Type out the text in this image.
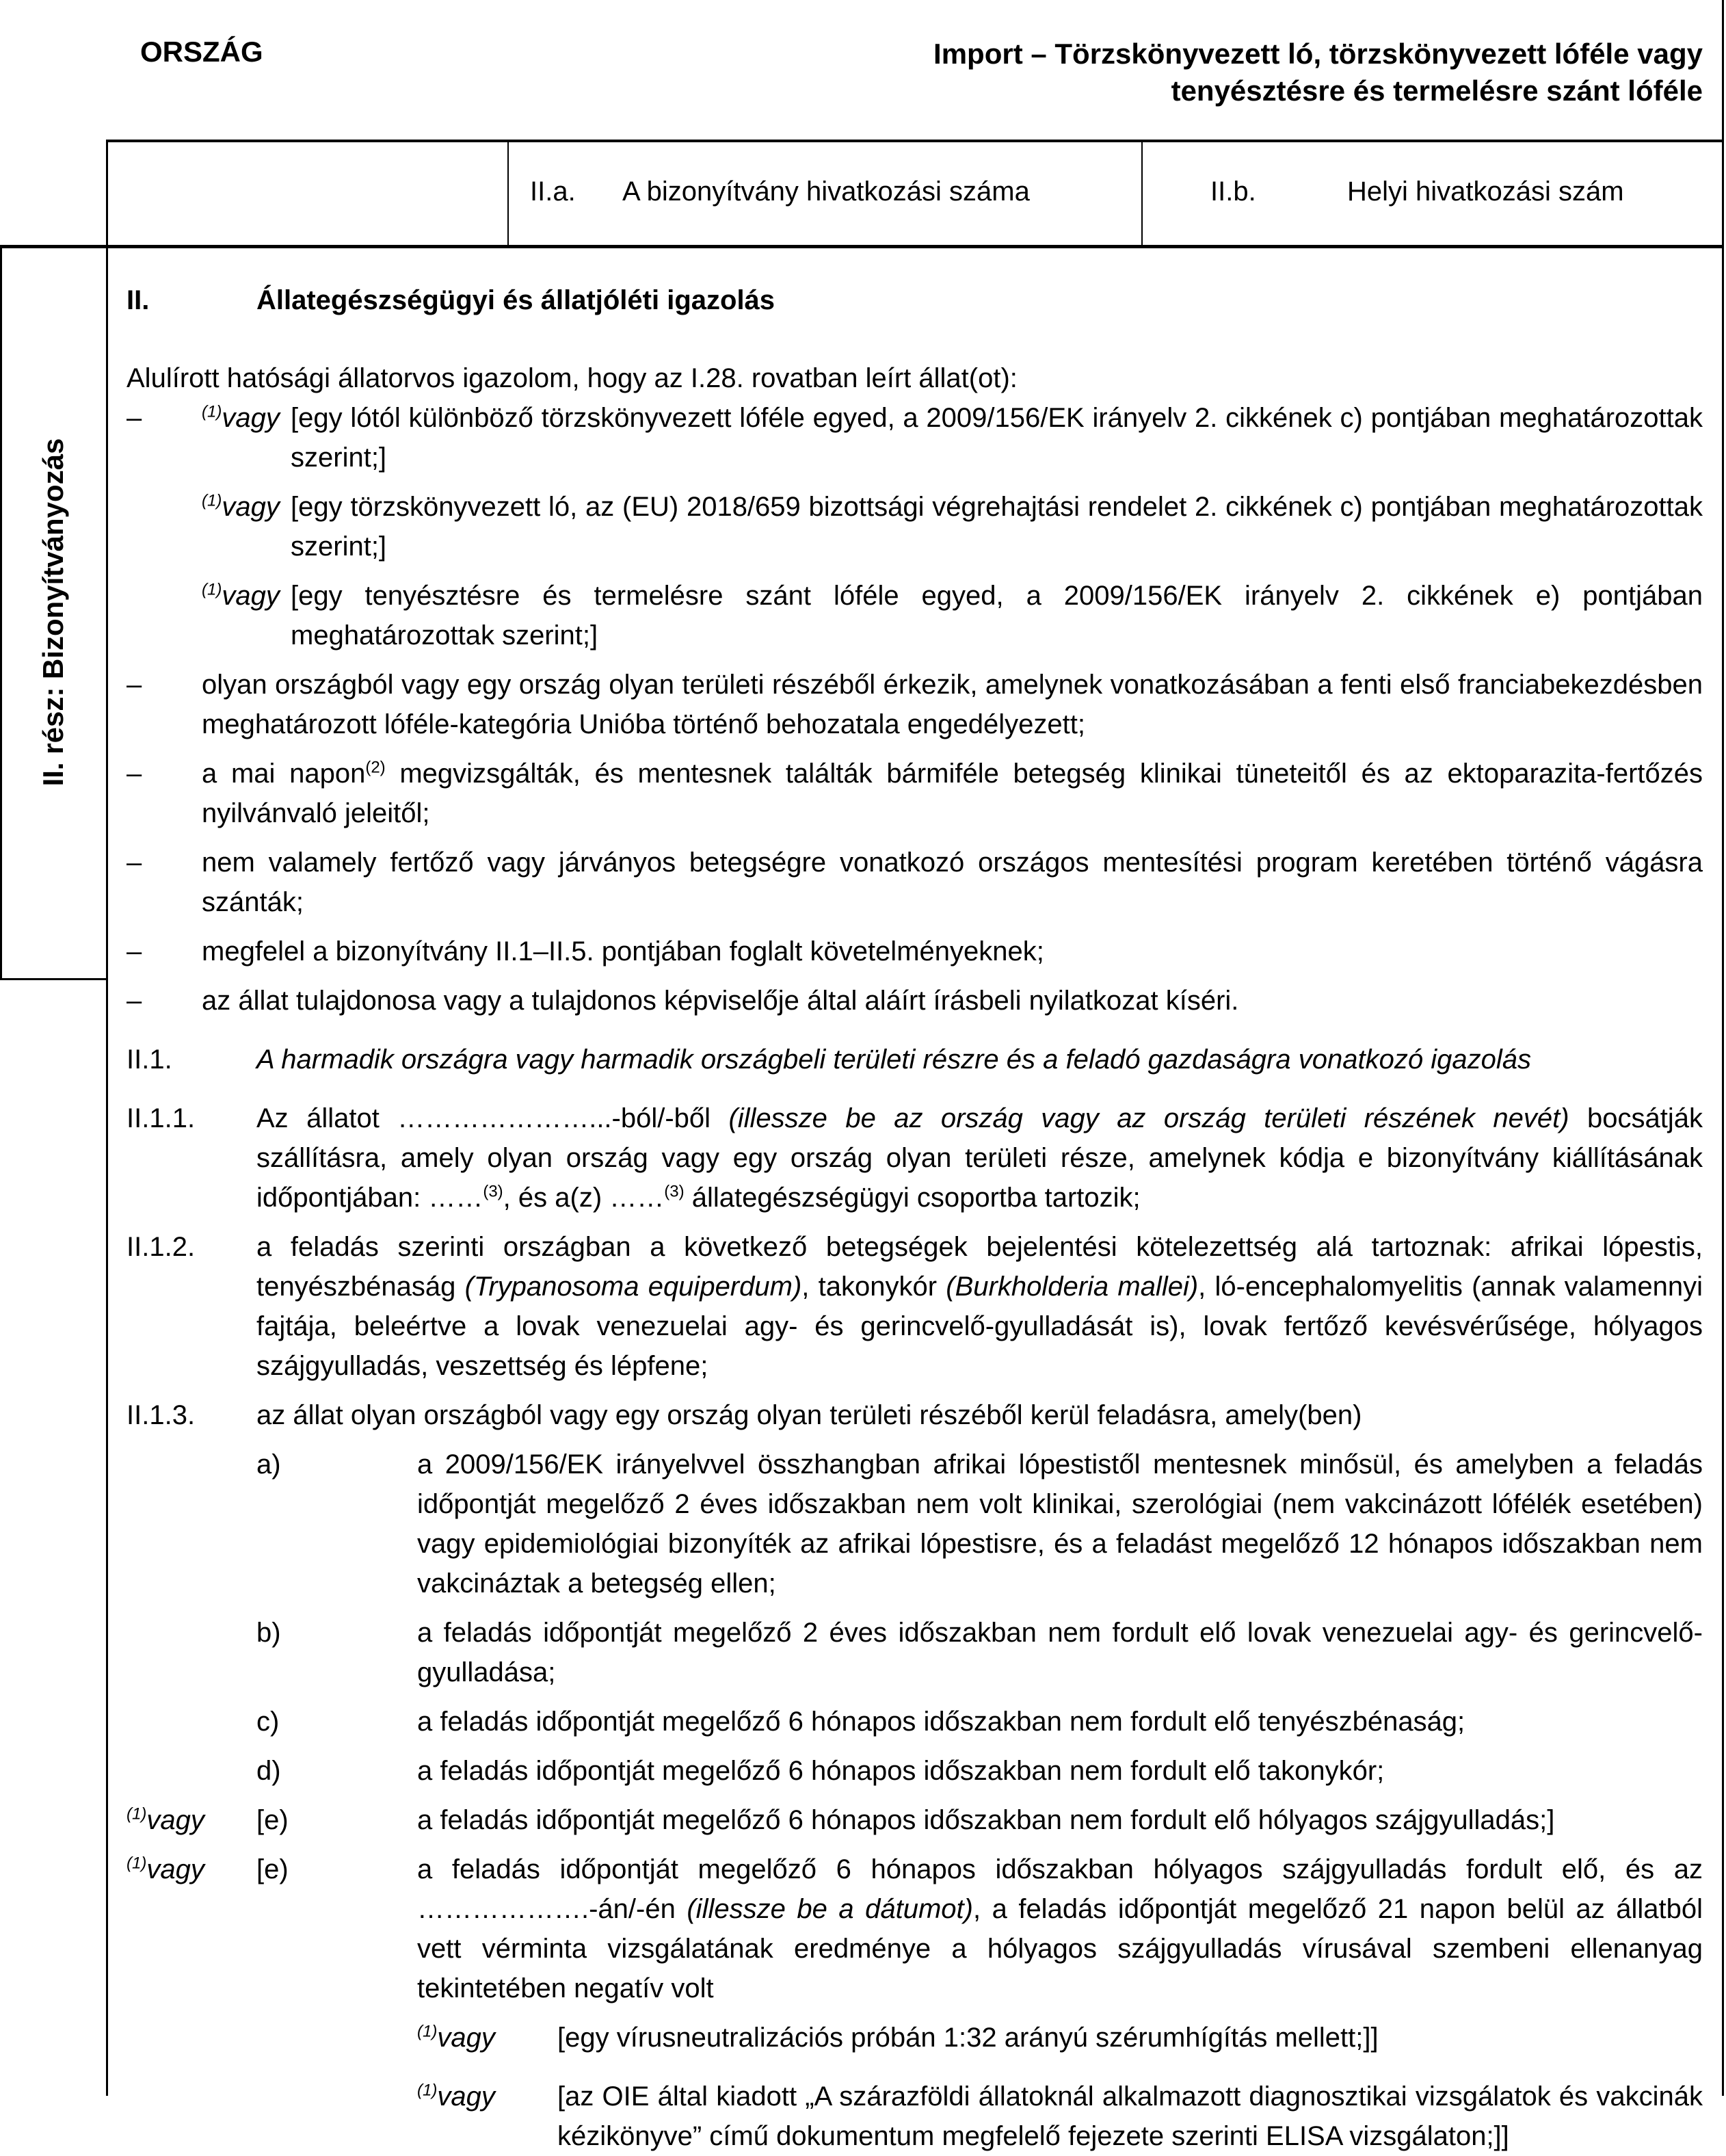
ORSZÁG	Import – Törzskönyvezett ló, törzskönyvezett lóféle vagy
tenyésztésre és termelésre szánt lóféle
II.a. A bizonyítvány hivatkozási száma	II.b.	Helyi hivatkozási szám
II. rész: Bizonyítványozás
II.	Állategészségügyi és állatjóléti igazolás
Alulírott hatósági állatorvos igazolom, hogy az I.28. rovatban leírt állat(ot):
–	$^{(1)}$vagy [egy lótól különböző törzskönyvezett lóféle egyed, a 2009/156/EK irányelv 2. cikkének c) pontjában meghatározottak szerint;]
$^{(1)}$vagy [egy törzskönyvezett ló, az (EU) 2018/659 bizottsági végrehajtási rendelet 2. cikkének c) pontjában meghatározottak szerint;]
$^{(1)}$vagy [egy tenyésztésre és termelésre szánt lóféle egyed, a 2009/156/EK irányelv 2. cikkének e) pontjában meghatározottak szerint;]
–	olyan országból vagy egy ország olyan területi részéből érkezik, amelynek vonatkozásában a fenti első franciabekezdésben meghatározott lóféle-kategória Unióba történő behozatala engedélyezett;
–	a mai napon$^{(2)}$ megvizsgálták, és mentesnek találták bármiféle betegség klinikai tüneteitől és az ektoparazita-fertőzés nyilvánvaló jeleitől;
–	nem valamely fertőző vagy járványos betegségre vonatkozó országos mentesítési program keretében történő vágásra szánták;
–	megfelel a bizonyítvány II.1–II.5. pontjában foglalt követelményeknek;
–	az állat tulajdonosa vagy a tulajdonos képviselője által aláírt írásbeli nyilatkozat kíséri.
II.1.	A harmadik országra vagy harmadik országbeli területi részre és a feladó gazdaságra vonatkozó igazolás
II.1.1.	Az állatot …………………...-ból/-ből (illessze be az ország vagy az ország területi részének nevét) bocsátják szállításra, amely olyan ország vagy egy ország olyan területi része, amelynek kódja e bizonyítvány kiállításának időpontjában: ……$^{(3)}$, és a(z) ……$^{(3)}$ állategészségügyi csoportba tartozik;
II.1.2.	a feladás szerinti országban a következő betegségek bejelentési kötelezettség alá tartoznak: afrikai lópestis, tenyészbénaság (Trypanosoma equiperdum), takonykór (Burkholderia mallei), ló-encephalomyelitis (annak valamennyi fajtája, beleértve a lovak venezuelai agy- és gerincvelő-gyulladását is), lovak fertőző kevésvérűsége, hólyagos szájgyulladás, veszettség és lépfene;
II.1.3.	az állat olyan országból vagy egy ország olyan területi részéből kerül feladásra, amely(ben)
a)	a 2009/156/EK irányelvvel összhangban afrikai lópestistől mentesnek minősül, és amelyben a feladás időpontját megelőző 2 éves időszakban nem volt klinikai, szerológiai (nem vakcinázott lófélék esetében) vagy epidemiológiai bizonyíték az afrikai lópestisre, és a feladást megelőző 12 hónapos időszakban nem vakcináztak a betegség ellen;
b)	a feladás időpontját megelőző 2 éves időszakban nem fordult elő lovak venezuelai agy- és gerincvelő-gyulladása;
c)	a feladás időpontját megelőző 6 hónapos időszakban nem fordult elő tenyészbénaság;
d)	a feladás időpontját megelőző 6 hónapos időszakban nem fordult elő takonykór;
$^{(1)}$vagy	[e)	a feladás időpontját megelőző 6 hónapos időszakban nem fordult elő hólyagos szájgyulladás;]
$^{(1)}$vagy	[e)	a feladás időpontját megelőző 6 hónapos időszakban hólyagos szájgyulladás fordult elő, és az ……………….-án/-én (illessze be a dátumot), a feladás időpontját megelőző 21 napon belül az állatból vett vérminta vizsgálatának eredménye a hólyagos szájgyulladás vírusával szembeni ellenanyag tekintetében negatív volt
$^{(1)}$vagy	[egy vírusneutralizációs próbán 1:32 arányú szérumhígítás mellett;]]
$^{(1)}$vagy	[az OIE által kiadott „A szárazföldi állatoknál alkalmazott diagnosztikai vizsgálatok és vakcinák kézikönyve” című dokumentum megfelelő fejezete szerinti ELISA vizsgálaton;]]
